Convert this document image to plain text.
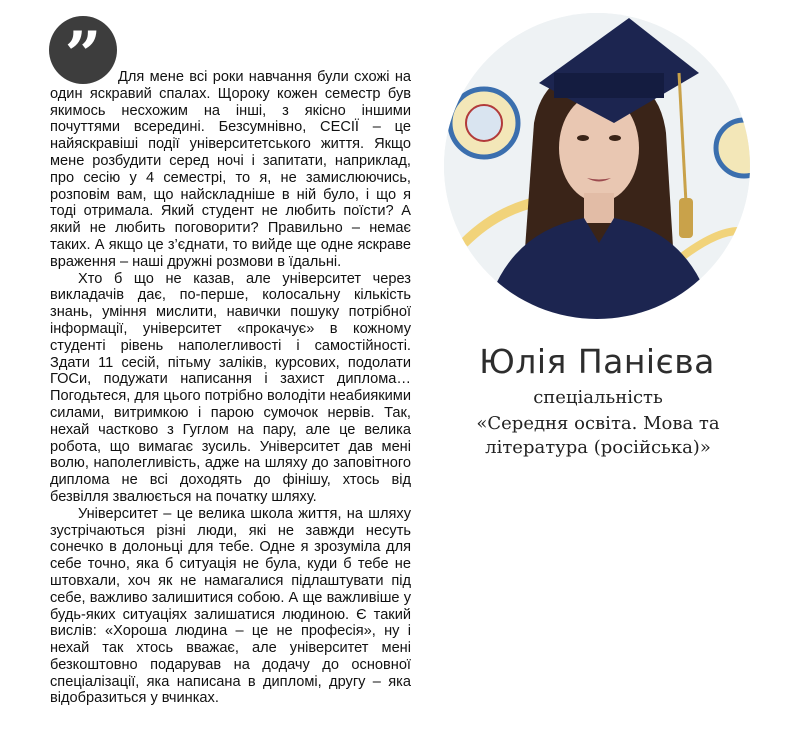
”	Для мене всі роки навчання були схожі на один яскравий спалах. Щороку кожен семестр був якимось несхожим на інші, з якісно іншими почуттями всередині. Безсумнівно, СЕСІЇ – це найяскравіші події університетського життя. Якщо мене розбудити серед ночі і запитати, наприклад, про сесію у 4 семестрі, то я, не замислюючись, розповім вам, що найскладніше в ній було, і що я тоді отримала. Який студент не любить поїсти? А який не любить поговорити? Правильно – немає таких. А якщо це з’єднати, то вийде ще одне яскраве враження – наші дружні розмови в їдальні.

Хто б що не казав, але університет через викладачів дає, по-перше, колосальну кількість знань, уміння мислити, навички пошуку потрібної інформації, університет «прокачує» в кожному студенті рівень наполегливості і самостійності. Здати 11 сесій, пітьму заліків, курсових, подолати ГОСи, подужати написання і захист диплома… Погодьтеся, для цього потрібно володіти неабиякими силами, витримкою і парою сумочок нервів. Так, нехай частково з Гуглом на пару, але це велика робота, що вимагає зусиль. Університет дав мені волю, наполегливість, адже на шляху до заповітного диплома не всі доходять до фінішу, хтось від безвілля звалюється на початку шляху.

Університет – це велика школа життя, на шляху зустрічаються різні люди, які не завжди несуть сонечко в долоньці для тебе. Одне я зрозуміла для себе точно, яка б ситуація не була, куди б тебе не штовхали, хоч як не намагалися підлаштувати під себе, важливо залишитися собою. А ще важливіше у будь-яких ситуаціях залишатися людиною. Є такий вислів: «Хороша людина – це не професія», ну і нехай так хтось вважає, але університет мені безкоштовно подарував на додачу до основної спеціалізації, яка написана в дипломі, другу – яка відобразиться у вчинках.

Юлія Панієва
спеціальність
«Середня освіта. Мова та література (російська)»
